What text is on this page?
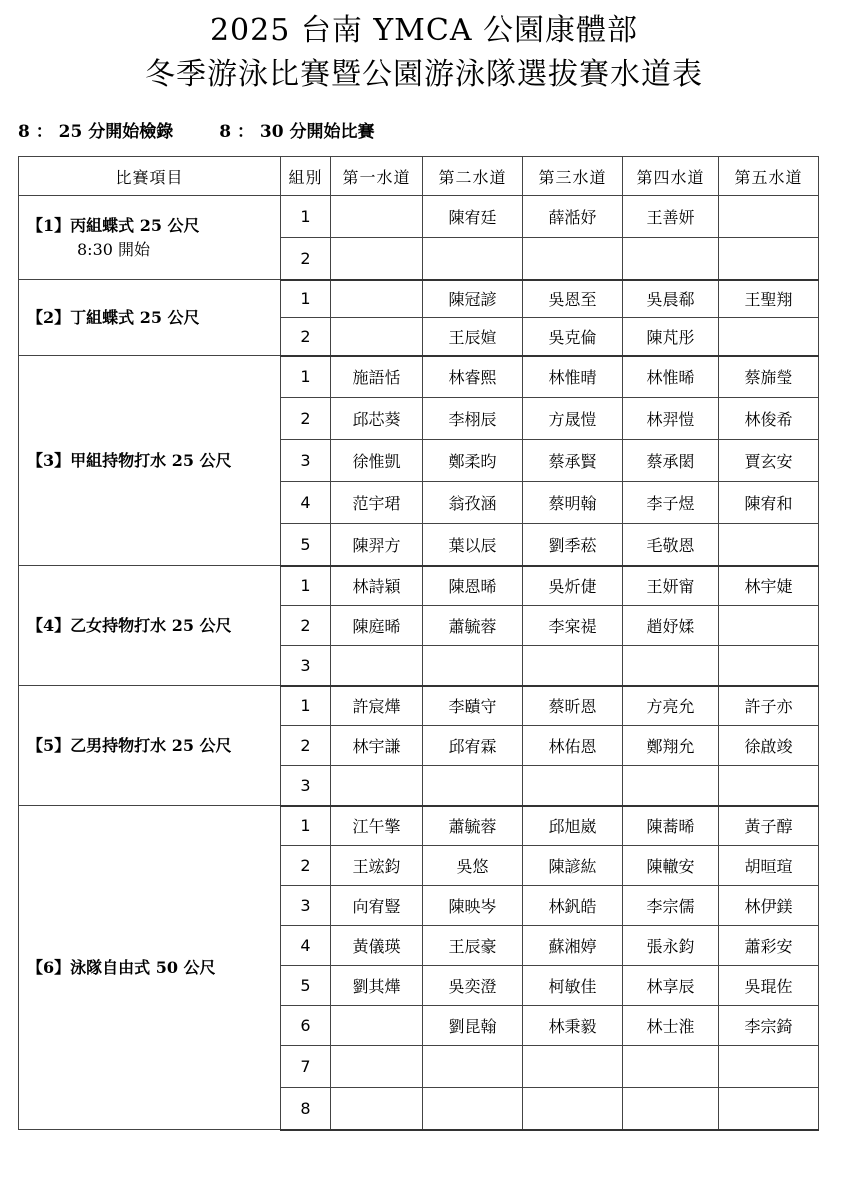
2025 台南 YMCA 公園康體部
冬季游泳比賽暨公園游泳隊選拔賽水道表
8 ： 25 分開始檢錄	8 ： 30 分開始比賽
比賽項目	組別	第一水道	第二水道	第三水道	第四水道	第五水道
【1】丙組蝶式 25 公尺
8:30 開始	1		陳宥廷	薛湉妤	王善妍	
	2					
【2】丁組蝶式 25 公尺	1		陳冠諺	吳恩至	吳晨郗	王聖翔
	2		王辰媗	吳克倫	陳芃彤	
【3】甲組持物打水 25 公尺	1	施語恬	林睿熙	林惟晴	林惟晞	蔡旆瑩
	2	邱芯葵	李栩辰	方晟愷	林羿愷	林俊希
	3	徐惟凱	鄭柔昀	蔡承賢	蔡承閎	賈玄安
	4	范宇珺	翁孜涵	蔡明翰	李子煜	陳宥和
	5	陳羿方	葉以辰	劉季菘	毛敬恩	
【4】乙女持物打水 25 公尺	1	林詩穎	陳恩晞	吳炘倢	王妍甯	林宇婕
	2	陳庭晞	蕭毓蓉	李宲禔	趙妤媃	
	3					
【5】乙男持物打水 25 公尺	1	許宸燁	李賾守	蔡昕恩	方亮允	許子亦
	2	林宇謙	邱宥霖	林佑恩	鄭翔允	徐啟竣
	3					
【6】泳隊自由式 50 公尺	1	江午擎	蕭毓蓉	邱旭崴	陳蕎晞	黃子醇
	2	王竤鈞	吳悠	陳諺紘	陳轍安	胡晅瑄
	3	向宥豎	陳映岑	林釩皓	李宗儒	林伊鎂
	4	黃儀瑛	王辰豪	蘇湘婷	張永鈞	蕭彩安
	5	劉其燁	吳奕澄	柯敏佳	林享辰	吳琨佐
	6		劉昆翰	林秉毅	林士淮	李宗錡
	7					
	8					
